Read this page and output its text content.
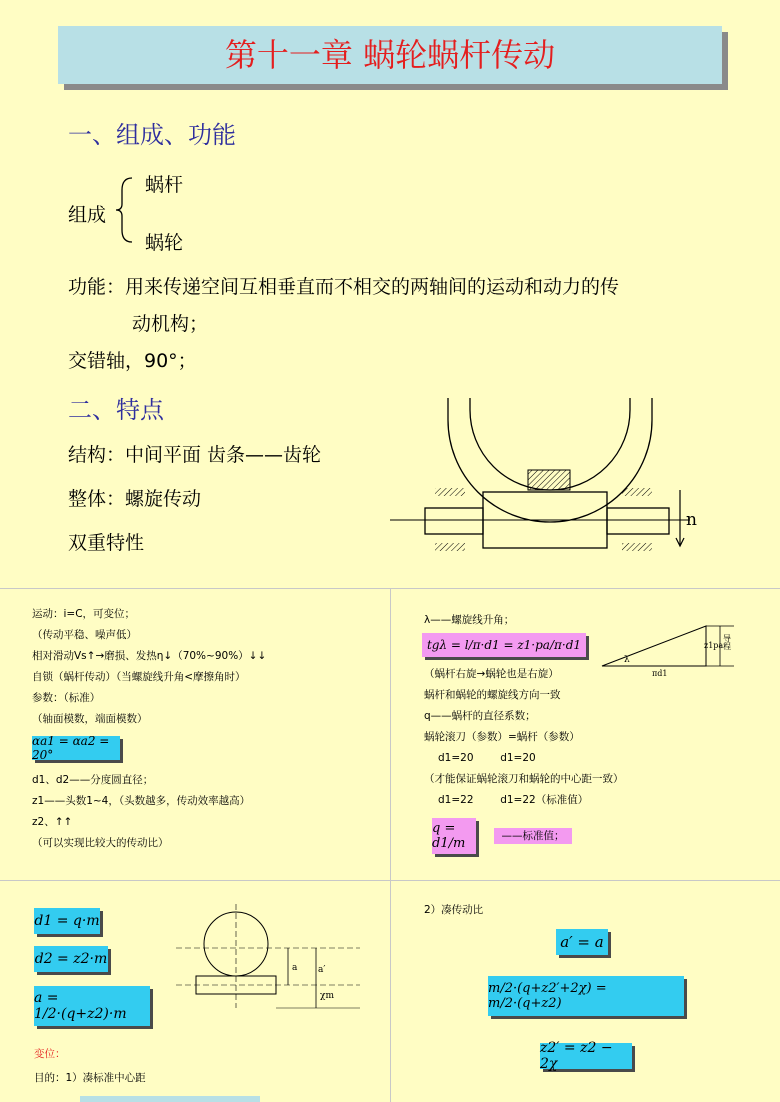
第十一章 蜗轮蜗杆传动
一、组成、功能
组成
蜗杆
蜗轮
功能：用来传递空间互相垂直而不相交的两轴间的运动和动力的传
动机构；
交错轴，90°；
二、特点
结构：中间平面 齿条——齿轮
整体：螺旋传动
双重特性
n
运动：i=C，可变位；
（传动平稳、噪声低）
相对滑动Vs↑→磨损、发热η↓（70%~90%）↓↓
自锁（蜗杆传动）（当螺旋线升角<摩擦角时）
参数：（标准）
（轴面模数，端面模数）
αa1 = αa2 = 20°
d1、d2——分度圆直径；
z1——头数1~4，（头数越多，传动效率越高）
z2、↑↑
（可以实现比较大的传动比）
λ——螺旋线升角；
tgλ = l/π·d1 = z1·pa/π·d1
λ
πd1
z1pa 导程
（蜗杆右旋→蜗轮也是右旋）
蜗杆和蜗轮的螺旋线方向一致
q——蜗杆的直径系数；
蜗轮滚刀（参数）=蜗杆（参数）
d1=20        d1=20
（才能保证蜗轮滚刀和蜗轮的中心距一致）
d1=22        d1=22（标准值）
q = d1/m	——标准值；
d1 = q·m
d2 = z2·m
a = 1/2·(q+z2)·m
a a′
χm
变位：
目的：1）凑标准中心距
2）凑传动比
a′ = a
m/2·(q+z2′+2χ) = m/2·(q+z2)
z2′ = z2 − 2χ
